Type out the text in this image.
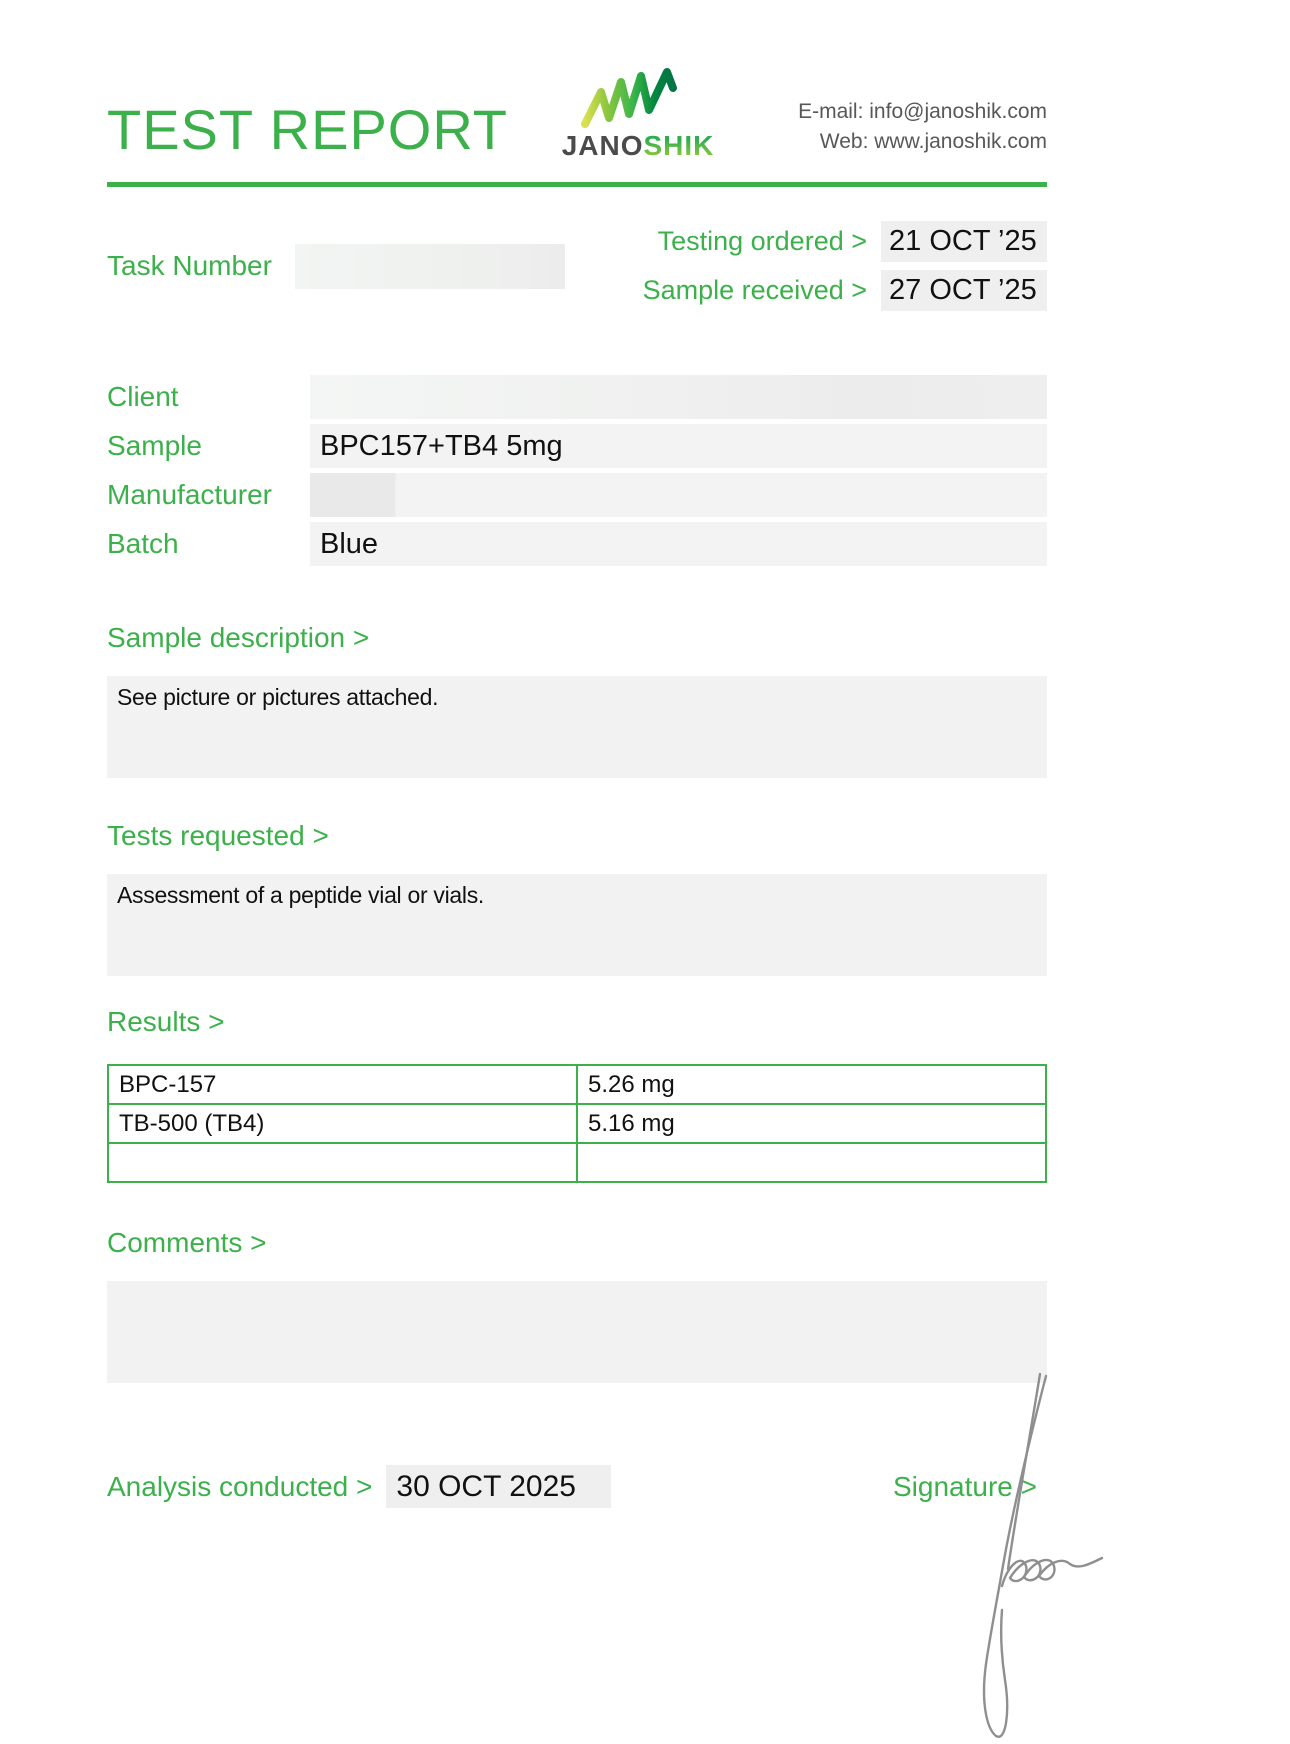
TEST REPORT JANOSHIK
E-mail: info@janoshik.com
Web: www.janoshik.com
Task Number
Testing ordered > 21 OCT ’25
Sample received > 27 OCT ’25
Client
Sample	BPC157+TB4 5mg
Manufacturer
Batch	Blue
Sample description >
See picture or pictures attached.
Tests requested >
Assessment of a peptide vial or vials.
Results >
BPC-157	5.26 mg
TB-500 (TB4)	5.16 mg

Comments >
Analysis conducted > 30 OCT 2025	Signature >
